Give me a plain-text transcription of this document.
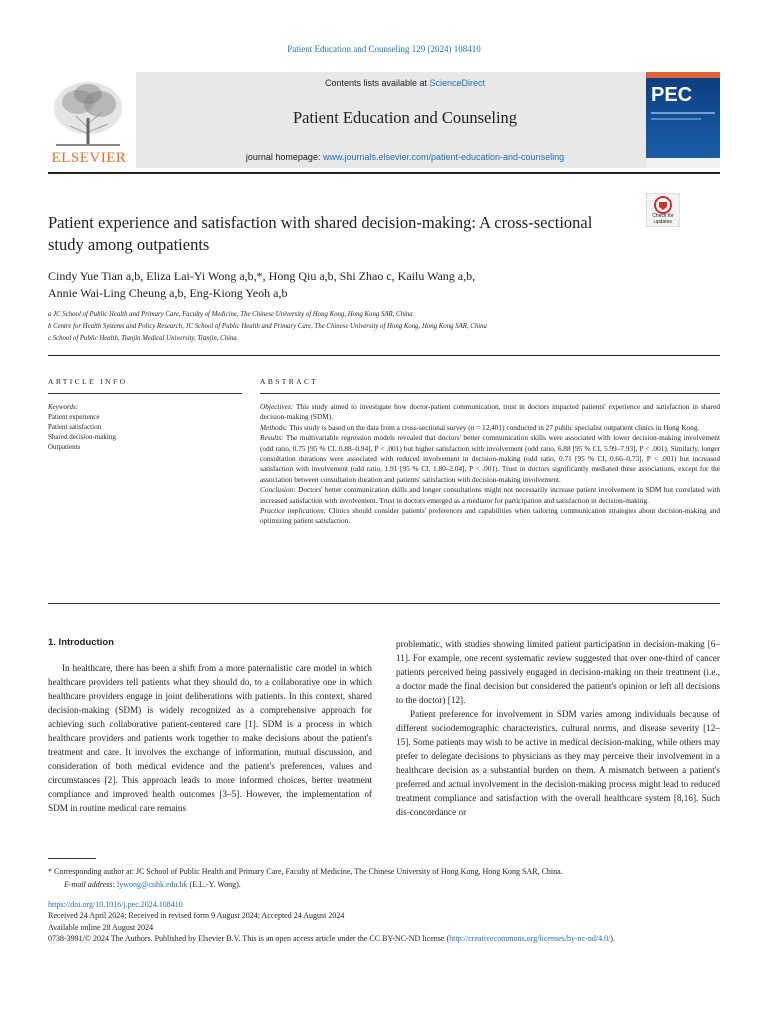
Patient Education and Counseling 129 (2024) 108410
ELSEVIER
Contents lists available at ScienceDirect
Patient Education and Counseling
journal homepage: www.journals.elsevier.com/patient-education-and-counseling
PEC
Patient experience and satisfaction with shared decision-making: A cross-sectional study among outpatients
Check for updates
Cindy Yue Tian a,b, Eliza Lai-Yi Wong a,b,*, Hong Qiu a,b, Shi Zhao c, Kailu Wang a,b,
Annie Wai-Ling Cheung a,b, Eng-Kiong Yeoh a,b
a JC School of Public Health and Primary Care, Faculty of Medicine, The Chinese University of Hong Kong, Hong Kong SAR, China
b Centre for Health Systems and Policy Research, JC School of Public Health and Primary Care, The Chinese University of Hong Kong, Hong Kong SAR, China
c School of Public Health, Tianjin Medical University, Tianjin, China
ARTICLE INFO	ABSTRACT
Keywords:
Patient experience
Patient satisfaction
Shared decision-making
Outpatients

Objectives: This study aimed to investigate how doctor-patient communication, trust in doctors impacted patients' experience and satisfaction in shared decision-making (SDM).

Methods: This study is based on the data from a cross-sectional survey (n = 12,401) conducted in 27 public specialist outpatient clinics in Hong Kong.

Results: The multivariable regression models revealed that doctors' better communication skills were associated with lower decision-making involvement (odd ratio, 0.75 [95 % CI, 0.88–0.94], P < .001) but higher satisfaction with involvement (odd ratio, 6.88 [95 % CI, 5.99–7.93], P < .001). Similarly, longer consultation durations were associated with reduced involvement in decision-making (odd ratio, 0.71 [95 % CI, 0.66–0.73], P < .001) but increased satisfaction with involvement (odd ratio, 1.91 [95 % CI, 1.80–2.04], P < .001). Trust in doctors significantly mediated these associations, except for the association between consultation duration and patients' satisfaction with decision-making involvement.

Conclusion: Doctors' better communication skills and longer consultations might not necessarily increase patient involvement in SDM but correlated with increased satisfaction with involvement. Trust in doctors emerged as a mediator for participation and satisfaction in decision-making.

Practice implications: Clinics should consider patients' preferences and capabilities when tailoring communication strategies about decision-making and optimizing patient satisfaction.

1. Introduction

In healthcare, there has been a shift from a more paternalistic care model in which healthcare providers tell patients what they should do, to a collaborative one in which healthcare providers engage in joint deliberations with patients. In this context, shared decision-making (SDM) is widely recognized as a comprehensive approach for achieving such collaborative patient-centered care [1]. SDM is a process in which healthcare providers and patients work together to make decisions about the patient's treatment and care. It involves the exchange of information, mutual discussion, and consideration of both medical evidence and the patient's preferences, values and circumstances [2]. This approach leads to more informed choices, better treatment compliance and improved health outcomes [3–5]. However, the implementation of SDM in routine medical care remains

problematic, with studies showing limited patient participation in decision-making [6–11]. For example, one recent systematic review suggested that over one-third of cancer patients perceived being passively engaged in decision-making on their treatment (i.e., a doctor made the final decision but considered the patient's opinion or left all decisions to the doctor) [12].

Patient preference for involvement in SDM varies among individuals because of different sociodemographic characteristics, cultural norms, and disease severity [12–15]. Some patients may wish to be active in medical decision-making, while others may prefer to delegate decisions to physicians as they may perceive their involvement in a healthcare decision as a substantial burden on them. A mismatch between a patient's preferred and actual involvement in the decision-making process might lead to reduced treatment compliance and satisfaction with the overall healthcare system [8,16]. Such dis-concordance or

* Corresponding author at: JC School of Public Health and Primary Care, Faculty of Medicine, The Chinese University of Hong Kong, Hong Kong SAR, China.
E-mail address: lywong@cuhk.edu.hk (E.L.-Y. Wong).
https://doi.org/10.1016/j.pec.2024.108410
Received 24 April 2024; Received in revised form 9 August 2024; Accepted 24 August 2024
Available online 28 August 2024
0738-3991/© 2024 The Authors. Published by Elsevier B.V. This is an open access article under the CC BY-NC-ND license (http://creativecommons.org/licenses/by-nc-nd/4.0/).
